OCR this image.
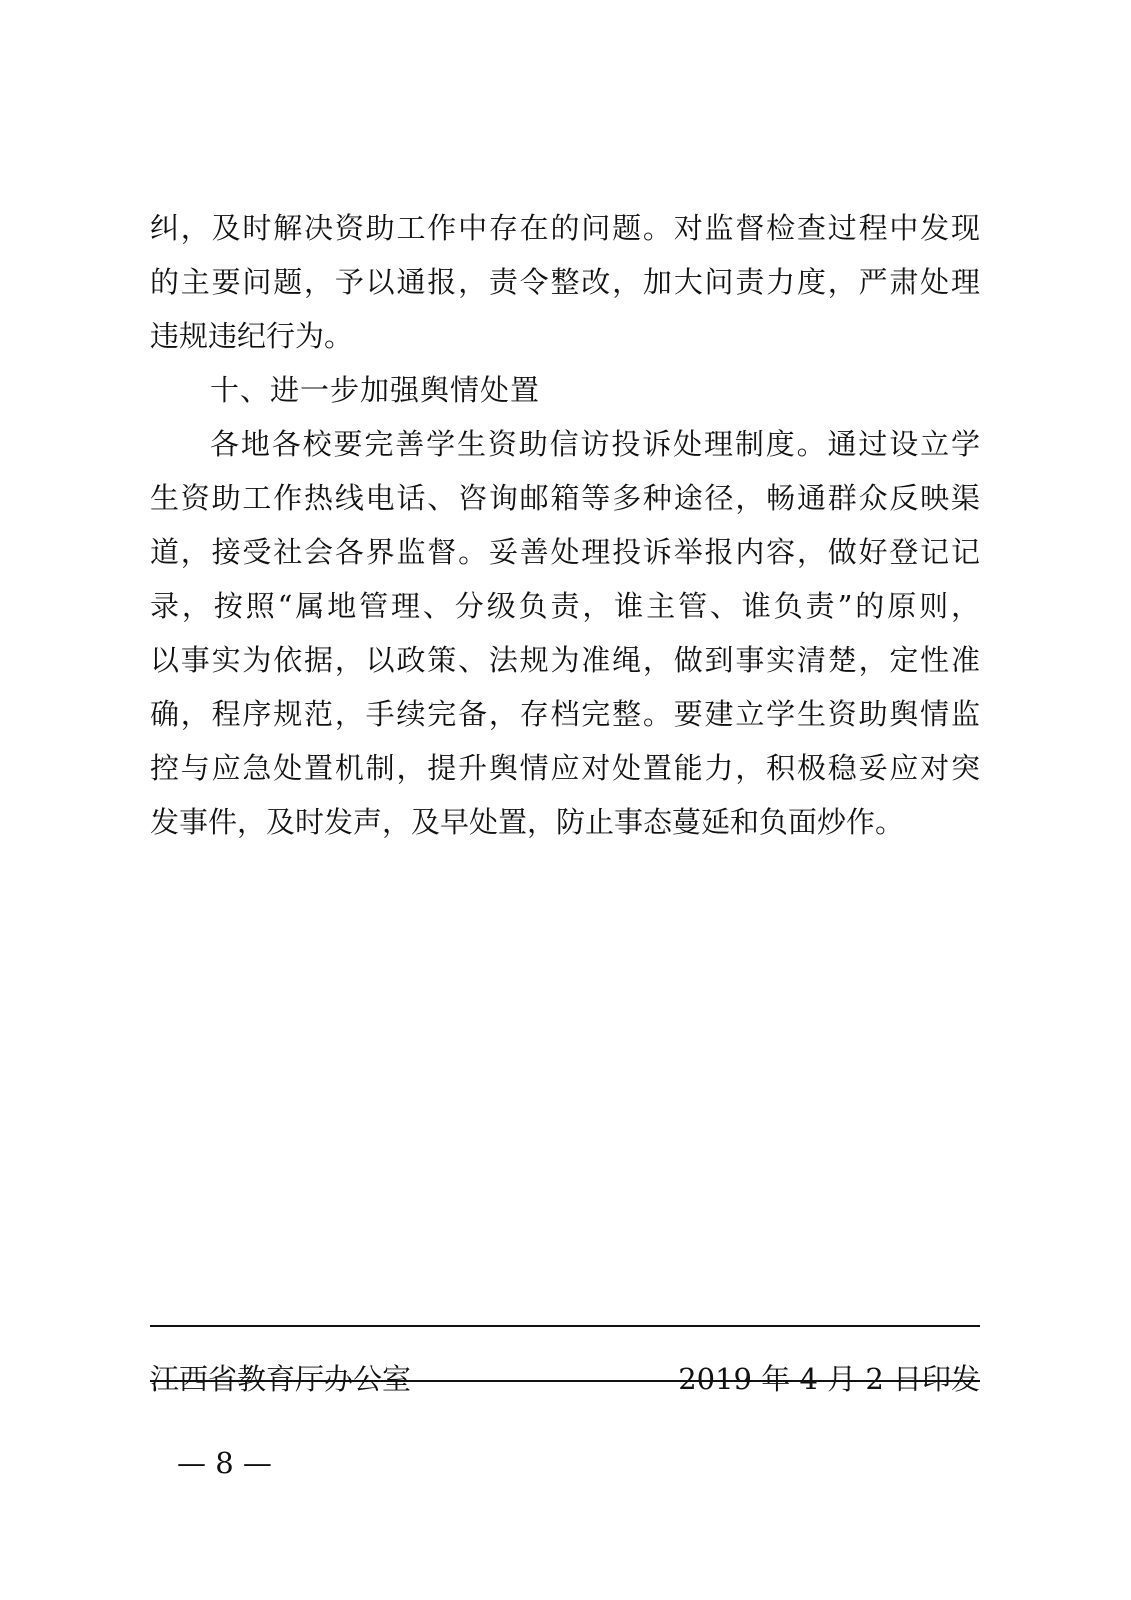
纠，及时解决资助工作中存在的问题。对监督检查过程中发现
的主要问题，予以通报，责令整改，加大问责力度，严肃处理
违规违纪行为。
十、进一步加强舆情处置
各地各校要完善学生资助信访投诉处理制度。通过设立学
生资助工作热线电话、咨询邮箱等多种途径，畅通群众反映渠
道，接受社会各界监督。妥善处理投诉举报内容，做好登记记
录，按照“属地管理、分级负责，谁主管、谁负责”的原则，
以事实为依据，以政策、法规为准绳，做到事实清楚，定性准
确，程序规范，手续完备，存档完整。要建立学生资助舆情监
控与应急处置机制，提升舆情应对处置能力，积极稳妥应对突
发事件，及时发声，及早处置，防止事态蔓延和负面炒作。
江西省教育厅办公室	2019 年 4 月 2 日印发
— 8 —
